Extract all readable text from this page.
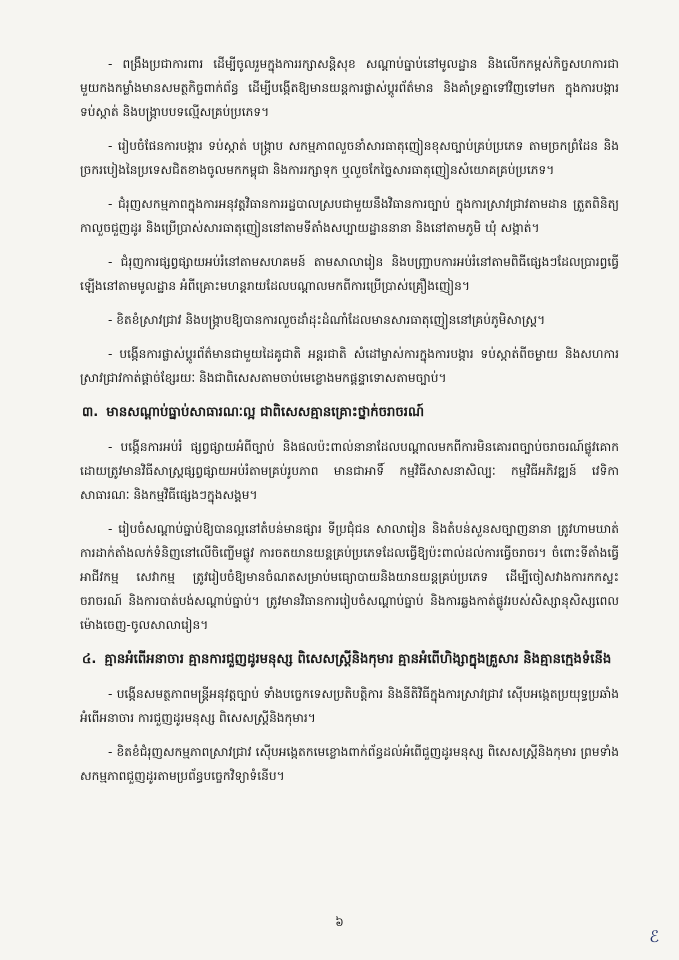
- ពង្រឹងប្រជាការពារ ដើម្បីចូលរួមក្នុងការរក្សាសន្តិសុខ សណ្តាប់ធ្នាប់នៅមូលដ្ឋាន និងលើកកម្ពស់កិច្ចសហការជាមួយកងកម្លាំងមានសមត្ថកិច្ចពាក់ព័ន្ធ ដើម្បីបង្កើតឱ្យមានយន្តការផ្លាស់ប្តូរព័ត៌មាន និងគាំទ្រគ្នាទៅវិញទៅមក ក្នុងការបង្ការ ទប់ស្កាត់ និងបង្ក្រាបបទល្មើសគ្រប់ប្រភេទ។

- រៀបចំផែនការបង្ការ ទប់ស្កាត់ បង្ក្រាប សកម្មភាពលួចនាំសារធាតុញៀនខុសច្បាប់គ្រប់ប្រភេទ តាមច្រកព្រំដែន និងច្រករបៀងនៃប្រទេសជិតខាងចូលមកកម្ពុជា និងការរក្សាទុក ឬលួចកែច្នៃសារធាតុញៀនសំយោគគ្រប់ប្រភេទ។

- ជំរុញសកម្មភាពក្នុងការអនុវត្តវិធានការរដ្ឋបាលស្របជាមួយនឹងវិធានការច្បាប់ ក្នុងការស្រាវជ្រាវតាមដាន ត្រួតពិនិត្យ កាលួចជួញដូរ និងប្រើប្រាស់សារធាតុញៀននៅតាមទីតាំងសប្បាយដ្ឋាននានា និងនៅតាមភូមិ ឃុំ សង្កាត់។

- ជំរុញការផ្សព្វផ្សាយអប់រំនៅតាមសហគមន៍ តាមសាលារៀន និងបញ្ជ្រាបការអប់រំនៅតាមពិធីផ្សេងៗដែលប្រារព្ធធ្វើឡើងនៅតាមមូលដ្ឋាន អំពីគ្រោះមហន្តរាយដែលបណ្តាលមកពីការប្រើប្រាស់គ្រឿងញៀន។

- ខិតខំស្រាវជ្រាវ និងបង្ក្រាបឱ្យបានការលួចដាំដុះដំណាំដែលមានសារធាតុញៀននៅគ្រប់ភូមិសាស្ត្រ។

- បង្កើនការផ្លាស់ប្តូរព័ត៌មានជាមួយដៃគូជាតិ អន្តរជាតិ សំដៅម្ចាស់ការក្នុងការបង្ការ ទប់ស្កាត់ពីចម្ងាយ និងសហការស្រាវជ្រាវកាត់ផ្តាច់ខ្សែរយៈ និងជាពិសេសតាមចាប់មេខ្លោងមកផ្តន្ទាទោសតាមច្បាប់។

៣. មានសណ្តាប់ធ្នាប់សាធារណៈល្អ ជាពិសេសគ្មានគ្រោះថ្នាក់ចរាចរណ៍

- បង្កើនការអប់រំ ផ្សព្វផ្សាយអំពីច្បាប់ និងផលប៉ះពាល់នានាដែលបណ្តាលមកពីការមិនគោរពច្បាប់ចរាចរណ៍ផ្លូវគោក ដោយត្រូវមានវិធីសាស្ត្រផ្សព្វផ្សាយអប់រំតាមគ្រប់រូបភាព មានជាអាទិ៍ កម្មវិធីសាសនាសិល្បៈ កម្មវិធីអភិវឌ្ឍន៍ វេទិកាសាធារណៈ និងកម្មវិធីផ្សេងៗក្នុងសង្គម។

- រៀបចំសណ្តាប់ធ្នាប់ឱ្យបានល្អនៅតំបន់មានផ្សារ ទីប្រជុំជន សាលារៀន និងតំបន់សួនសច្បាញនានា ត្រូវហាមឃាត់ការដាក់តាំងលក់ទំនិញនៅលើចិញ្ចើមផ្លូវ ការចតយានយន្តគ្រប់ប្រភេទដែលធ្វើឱ្យប៉ះពាល់ដល់ការធ្វើចរាចរ។ ចំពោះទីតាំងធ្វើអាជីវកម្ម សេវាកម្ម ត្រូវរៀបចំឱ្យមានចំណតសម្រាប់មធ្យោបាយនិងយានយន្តគ្រប់ប្រភេទ ដើម្បីចៀសវាងការកកស្ទះចរាចរណ៍ និងការបាត់បង់សណ្តាប់ធ្នាប់។ ត្រូវមានវិធានការរៀបចំសណ្តាប់ធ្នាប់ និងការឆ្លងកាត់ផ្លូវរបស់សិស្សានុសិស្សពេលម៉ោងចេញ-ចូលសាលារៀន។

៤. គ្មានអំពើអនាចារ គ្មានការជួញដូរមនុស្ស ពិសេសស្ត្រីនិងកុមារ គ្មានអំពើហិង្សាក្នុងគ្រួសារ និងគ្មានក្មេងទំនើង

- បង្កើនសមត្ថភាពមន្ត្រីអនុវត្តច្បាប់ ទាំងបច្ចេកទេសប្រតិបត្តិការ និងនីតិវិធីក្នុងការស្រាវជ្រាវ ស៊ើបអង្កេតប្រយុទ្ធប្រឆាំងអំពើអនាចារ ការជួញដូរមនុស្ស ពិសេសស្ត្រីនិងកុមារ។

- ខិតខំជំរុញសកម្មភាពស្រាវជ្រាវ ស៊ើបអង្កេតកមេខ្លោងពាក់ព័ន្ធដល់អំពើជួញដូរមនុស្ស ពិសេសស្ត្រីនិងកុមារ ព្រមទាំងសកម្មភាពជួញដូរតាមប្រព័ន្ធបច្ចេកវិទ្យាទំនើប។

៦
ℰ
